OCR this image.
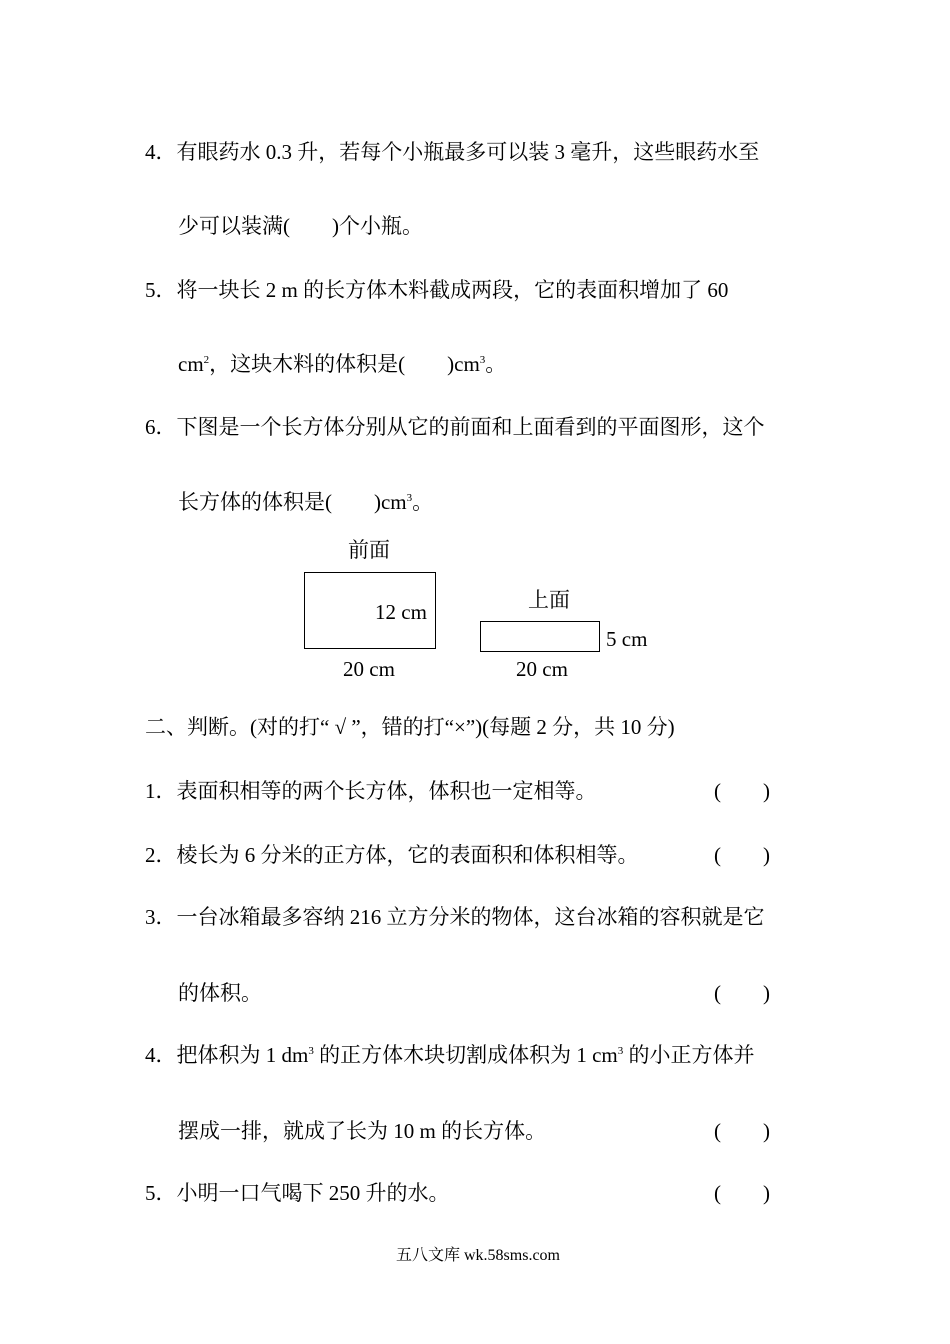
4．有眼药水 0.3 升，若每个小瓶最多可以装 3 毫升，这些眼药水至
少可以装满(　　)个小瓶。
5．将一块长 2 m 的长方体木料截成两段，它的表面积增加了 60
$cm^2$，这块木料的体积是(　　)$cm^3$。
6．下图是一个长方体分别从它的前面和上面看到的平面图形，这个
长方体的体积是(　　)$cm^3$。
前面
12 cm
20 cm
上面
5 cm
20 cm
二、判断。(对的打“ √ ”，错的打“×”)(每题 2 分，共 10 分)
1．表面积相等的两个长方体，体积也一定相等。	(　　)
2．棱长为 6 分米的正方体，它的表面积和体积相等。	(　　)
3．一台冰箱最多容纳 216 立方分米的物体，这台冰箱的容积就是它
的体积。	(　　)
4．把体积为 1 $dm^3$ 的正方体木块切割成体积为 1 $cm^3$ 的小正方体并
摆成一排，就成了长为 10 m 的长方体。	(　　)
5．小明一口气喝下 250 升的水。	(　　)
五八文库 wk.58sms.com
